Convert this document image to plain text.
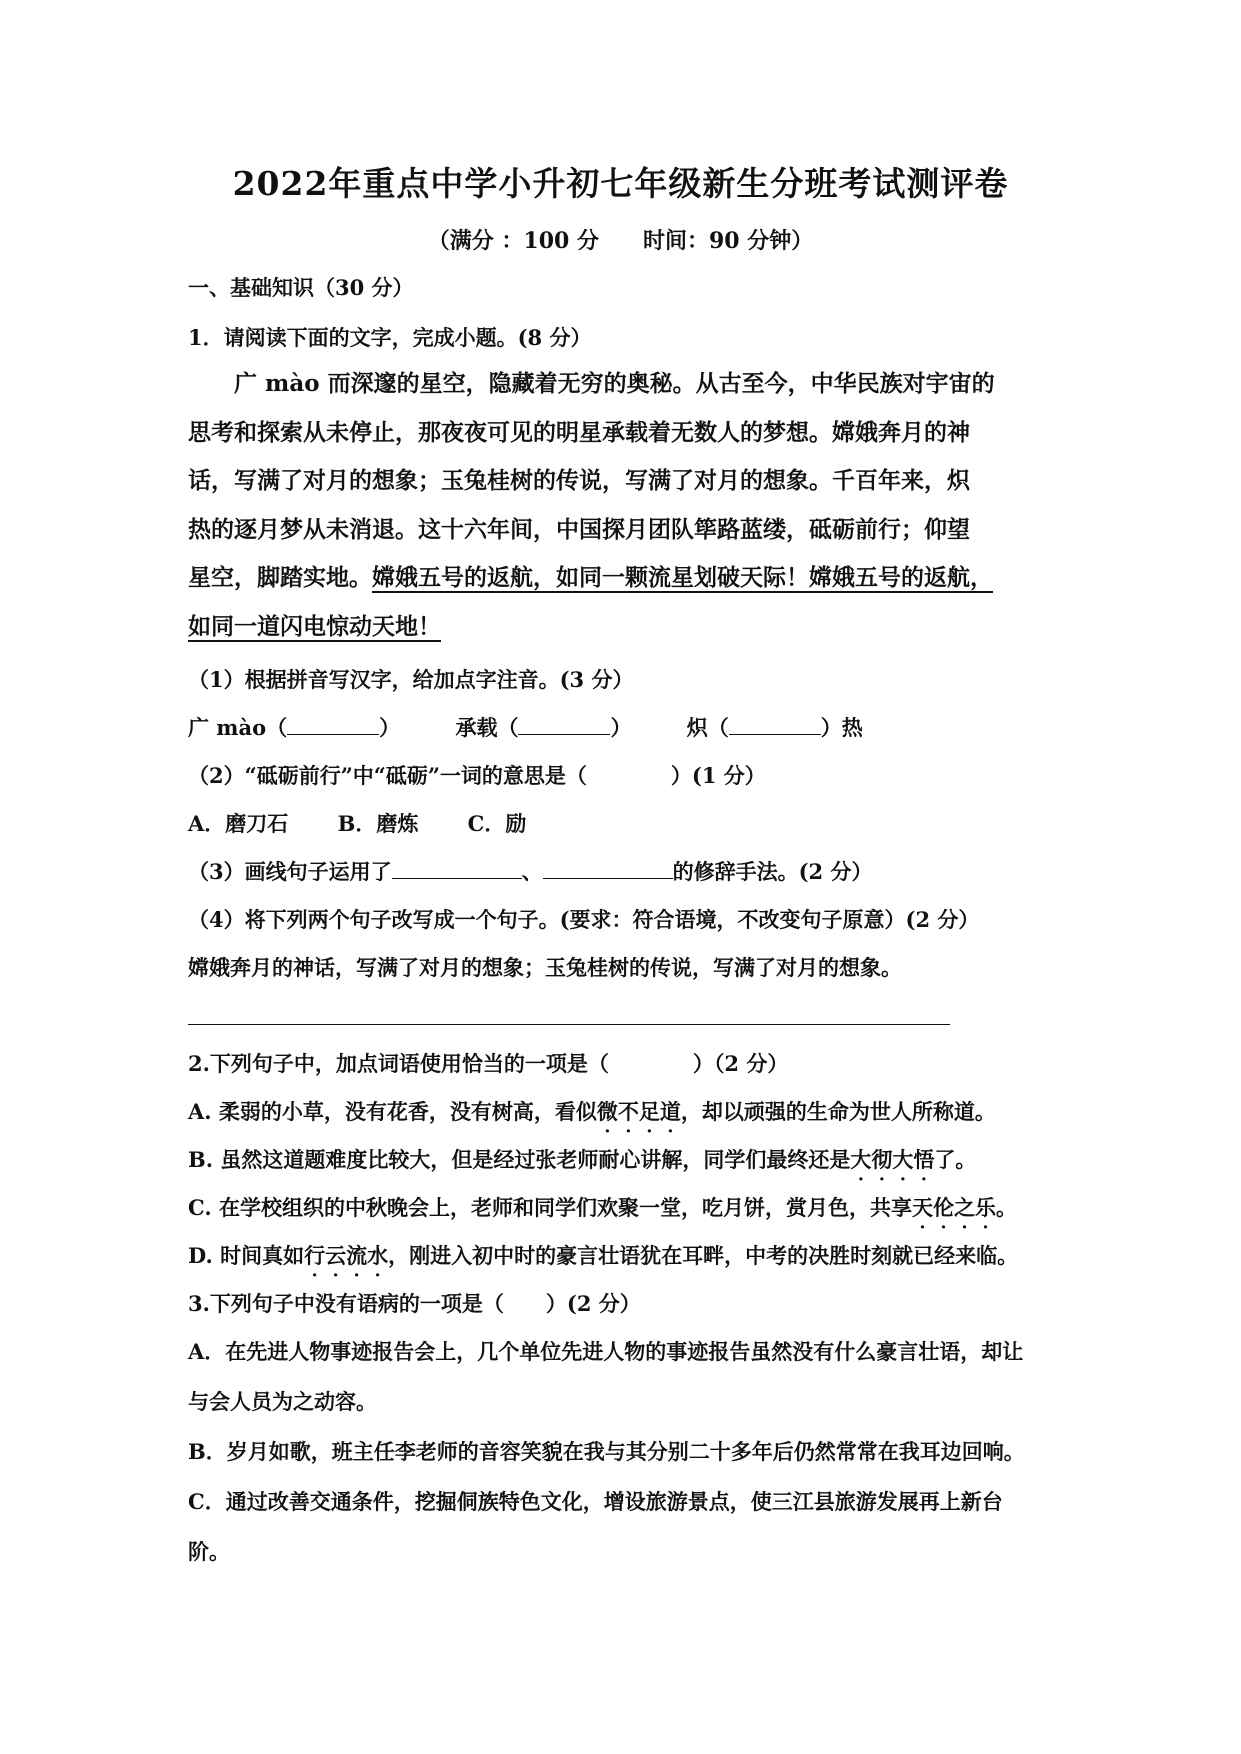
2022年重点中学小升初七年级新生分班考试测评卷
（满分 ：100 分　　时间：90 分钟）
一、基础知识（30 分）
1．请阅读下面的文字，完成小题。(8 分）
　　广 mào 而深邃的星空，隐藏着无穷的奥秘。从古至今，中华民族对宇宙的
思考和探索从未停止，那夜夜可见的明星承载着无数人的梦想。嫦娥奔月的神
话，写满了对月的想象；玉兔桂树的传说，写满了对月的想象。千百年来，炽
热的逐月梦从未消退。这十六年间，中国探月团队筚路蓝缕，砥砺前行；仰望
星空，脚踏实地。嫦娥五号的返航，如同一颗流星划破天际！嫦娥五号的返航，
如同一道闪电惊动天地！
（1）根据拼音写汉字，给加点字注音。(3 分）
广 mào（	）	承载（	）	炽（	）热
（2）“砥砺前行”中“砥砺”一词的意思是（　　　　）(1 分）
A．磨刀石　　 B．磨炼　　 C．励
（3）画线句子运用了	、	的修辞手法。(2 分）
（4）将下列两个句子改写成一个句子。(要求：符合语境，不改变句子原意）(2 分）
嫦娥奔月的神话，写满了对月的想象；玉兔桂树的传说，写满了对月的想象。
2.下列句子中，加点词语使用恰当的一项是（　　　　）（2 分）
A. 柔弱的小草，没有花香，没有树高，看似微不足道，却以顽强的生命为世人所称道。
B. 虽然这道题难度比较大，但是经过张老师耐心讲解，同学们最终还是大彻大悟了。
C. 在学校组织的中秋晚会上，老师和同学们欢聚一堂，吃月饼，赏月色，共享天伦之乐。
D. 时间真如行云流水，刚进入初中时的豪言壮语犹在耳畔，中考的决胜时刻就已经来临。
3.下列句子中没有语病的一项是（　　）(2 分）
A．在先进人物事迹报告会上，几个单位先进人物的事迹报告虽然没有什么豪言壮语，却让
与会人员为之动容。
B．岁月如歌，班主任李老师的音容笑貌在我与其分别二十多年后仍然常常在我耳边回响。
C．通过改善交通条件，挖掘侗族特色文化，增设旅游景点，使三江县旅游发展再上新台
阶。
